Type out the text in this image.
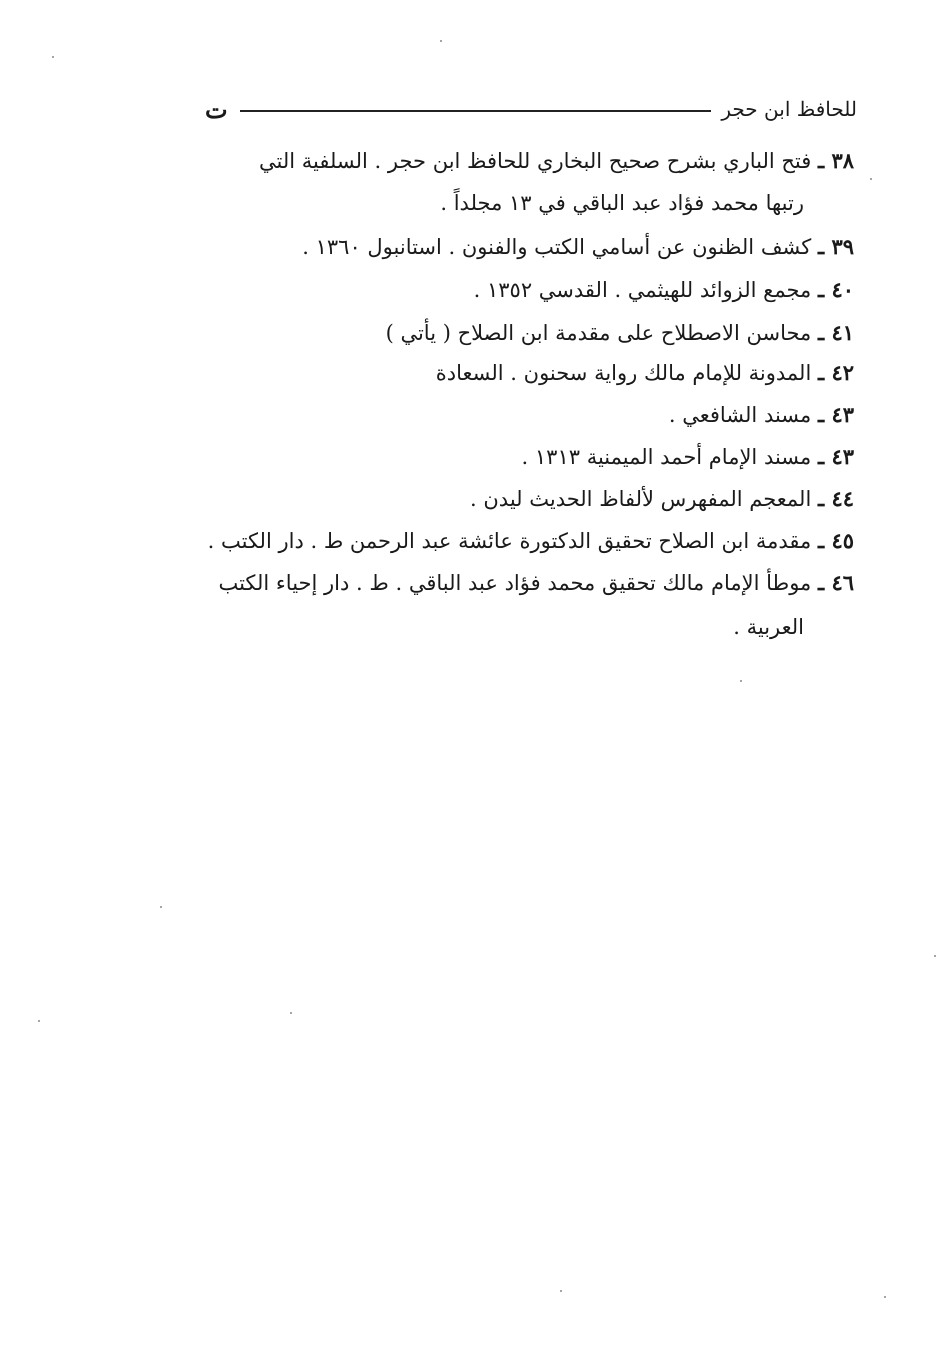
للحافظ ابن حجر
ت
٣٨ ـ فتح الباري بشرح صحيح البخاري للحافظ ابن حجر . السلفية التي
رتبها محمد فؤاد عبد الباقي في ١٣ مجلداً .
٣٩ ـ كشف الظنون عن أسامي الكتب والفنون . استانبول ١٣٦٠ .
٤٠ ـ مجمع الزوائد للهيثمي . القدسي ١٣٥٢ .
٤١ ـ محاسن الاصطلاح على مقدمة ابن الصلاح ( يأتي )
٤٢ ـ المدونة للإمام مالك رواية سحنون . السعادة
٤٣ ـ مسند الشافعي .
٤٣ ـ مسند الإمام أحمد الميمنية ١٣١٣ .
٤٤ ـ المعجم المفهرس لألفاظ الحديث ليدن .
٤٥ ـ مقدمة ابن الصلاح تحقيق الدكتورة عائشة عبد الرحمن ط . دار الكتب .
٤٦ ـ موطأ الإمام مالك تحقيق محمد فؤاد عبد الباقي . ط . دار إحياء الكتب
العربية .
